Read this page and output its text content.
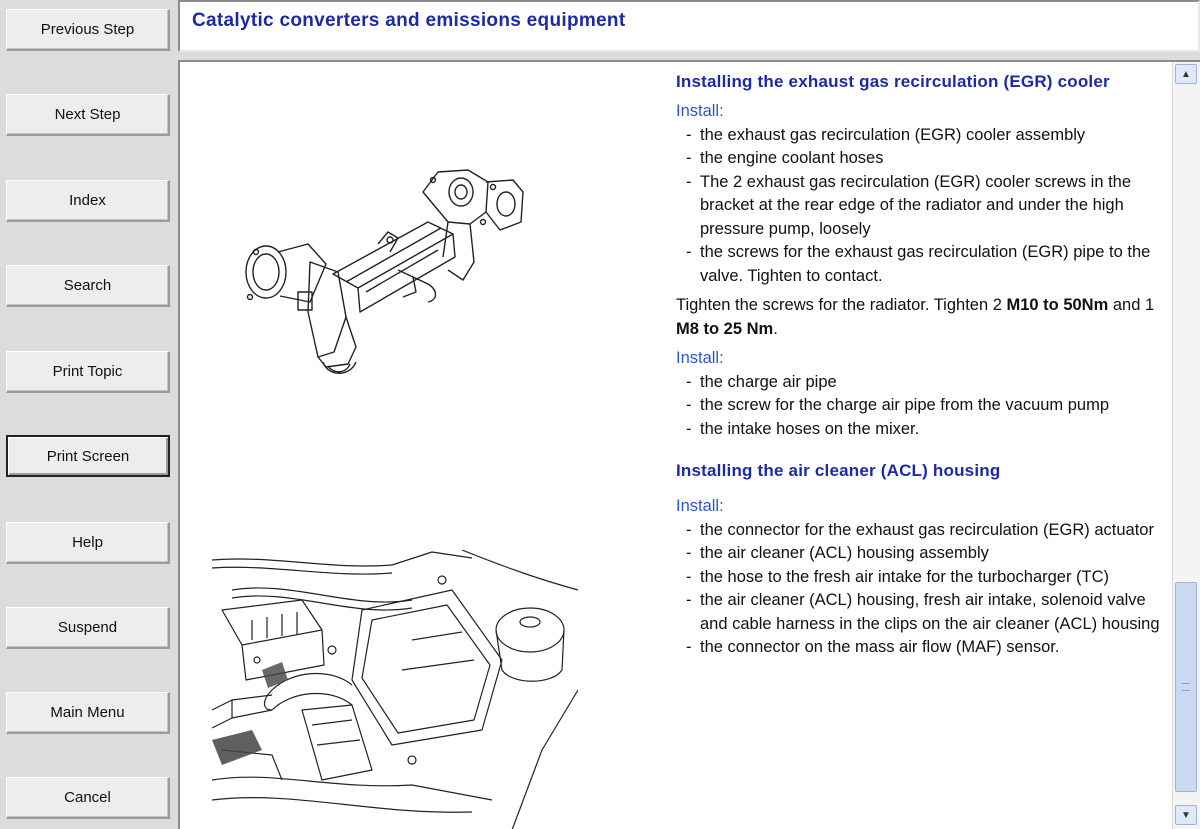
Previous Step
Next Step
Index
Search
Print Topic
Print Screen
Help
Suspend
Main Menu
Cancel
Catalytic converters and emissions equipment
Installing the exhaust gas recirculation (EGR) cooler
Install:
- the exhaust gas recirculation (EGR) cooler assembly
- the engine coolant hoses
- The 2 exhaust gas recirculation (EGR) cooler screws in the bracket at the rear edge of the radiator and under the high pressure pump, loosely
- the screws for the exhaust gas recirculation (EGR) pipe to the valve. Tighten to contact.

Tighten the screws for the radiator. Tighten 2 M10 to 50Nm and 1 M8 to 25 Nm.

Install:
- the charge air pipe
- the screw for the charge air pipe from the vacuum pump
- the intake hoses on the mixer.
Installing the air cleaner (ACL) housing
Install:
- the connector for the exhaust gas recirculation (EGR) actuator
- the air cleaner (ACL) housing assembly
- the hose to the fresh air intake for the turbocharger (TC)
- the air cleaner (ACL) housing, fresh air intake, solenoid valve and cable harness in the clips on the air cleaner (ACL) housing
- the connector on the mass air flow (MAF) sensor.
▲
▼
